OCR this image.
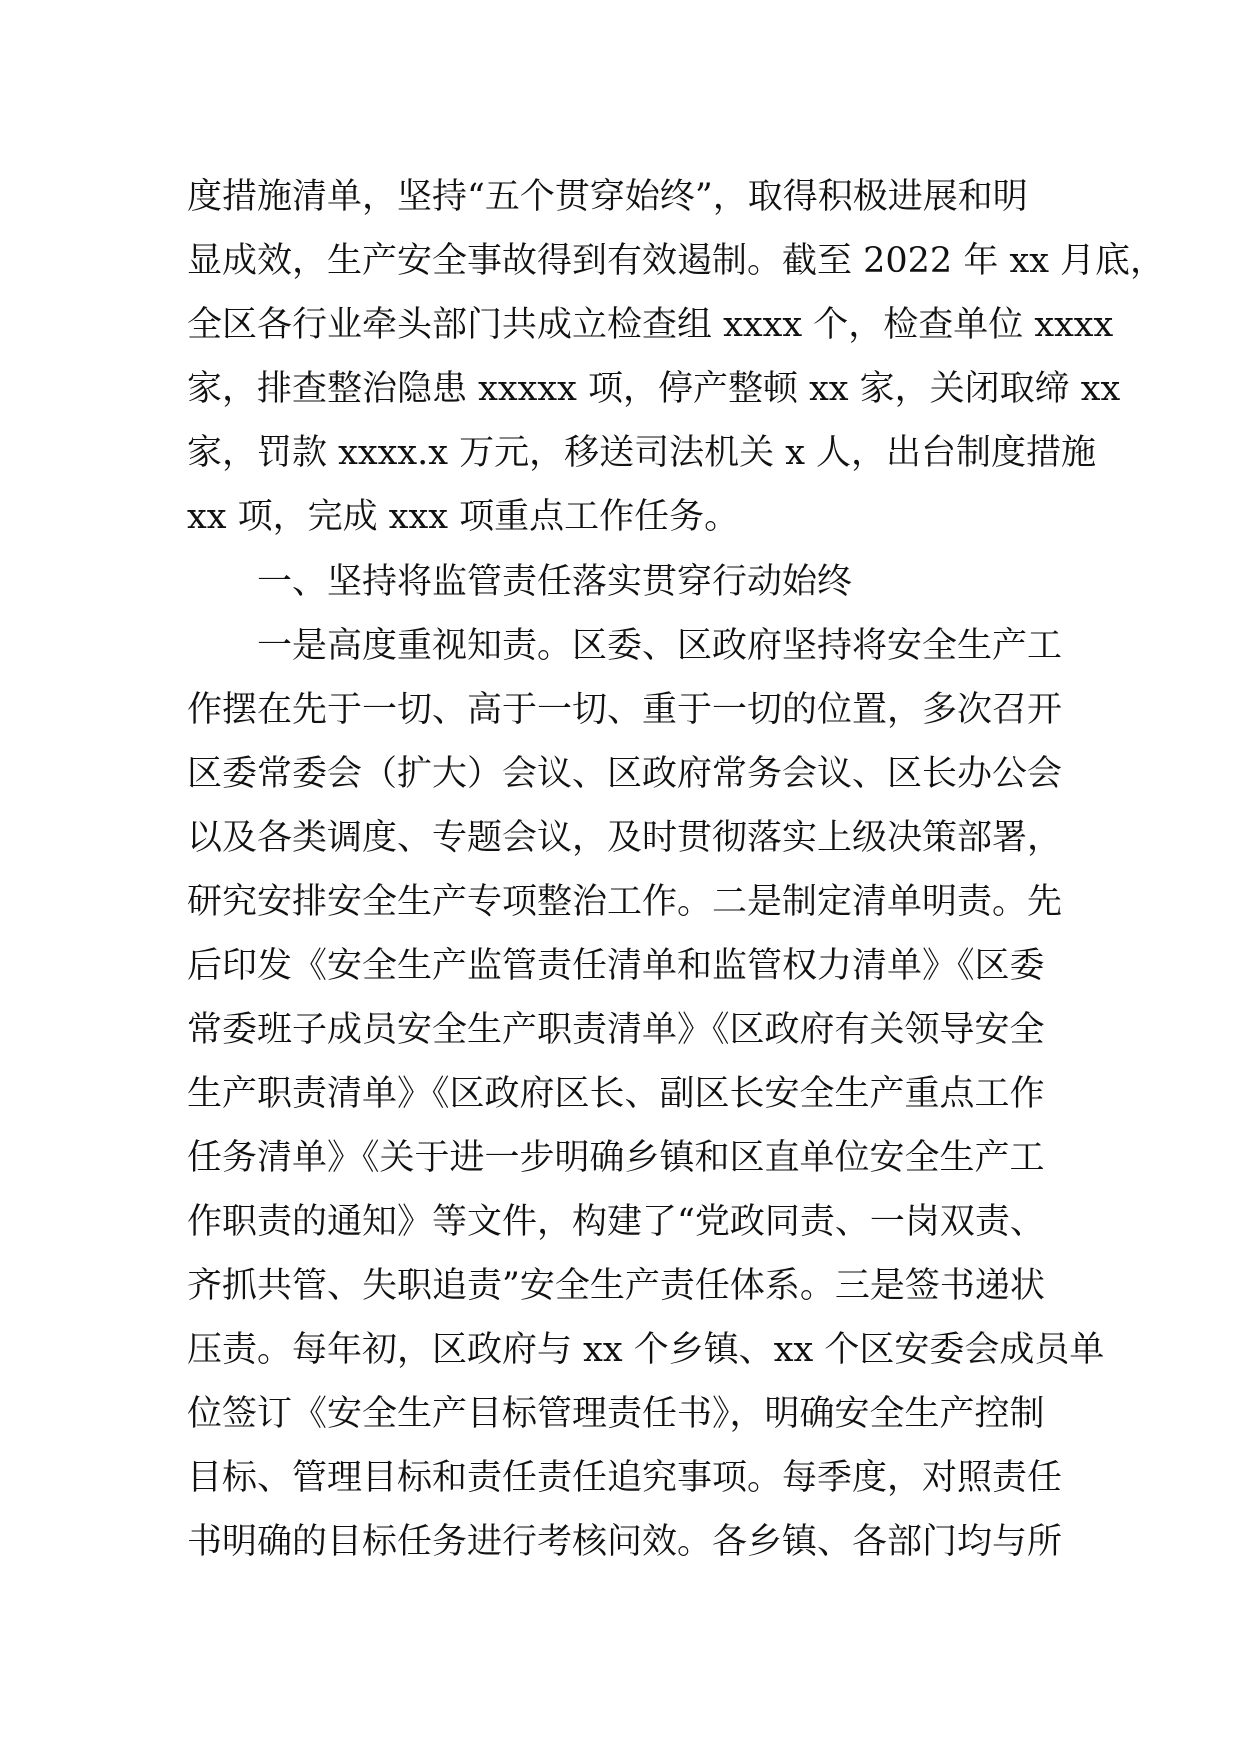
度措施清单，坚持“五个贯穿始终”，取得积极进展和明
显成效，生产安全事故得到有效遏制。截至 2022 年 xx 月底，
全区各行业牵头部门共成立检查组 xxxx 个，检查单位 xxxx
家，排查整治隐患 xxxxx 项，停产整顿 xx 家，关闭取缔 xx
家，罚款 xxxx.x 万元，移送司法机关 x 人，出台制度措施
xx 项，完成 xxx 项重点工作任务。
一、坚持将监管责任落实贯穿行动始终
一是高度重视知责。区委、区政府坚持将安全生产工
作摆在先于一切、高于一切、重于一切的位置，多次召开
区委常委会（扩大）会议、区政府常务会议、区长办公会
以及各类调度、专题会议，及时贯彻落实上级决策部署，
研究安排安全生产专项整治工作。二是制定清单明责。先
后印发《安全生产监管责任清单和监管权力清单》《区委
常委班子成员安全生产职责清单》《区政府有关领导安全
生产职责清单》《区政府区长、副区长安全生产重点工作
任务清单》《关于进一步明确乡镇和区直单位安全生产工
作职责的通知》等文件，构建了“党政同责、一岗双责、
齐抓共管、失职追责”安全生产责任体系。三是签书递状
压责。每年初，区政府与 xx 个乡镇、xx 个区安委会成员单
位签订《安全生产目标管理责任书》，明确安全生产控制
目标、管理目标和责任责任追究事项。每季度，对照责任
书明确的目标任务进行考核问效。各乡镇、各部门均与所
